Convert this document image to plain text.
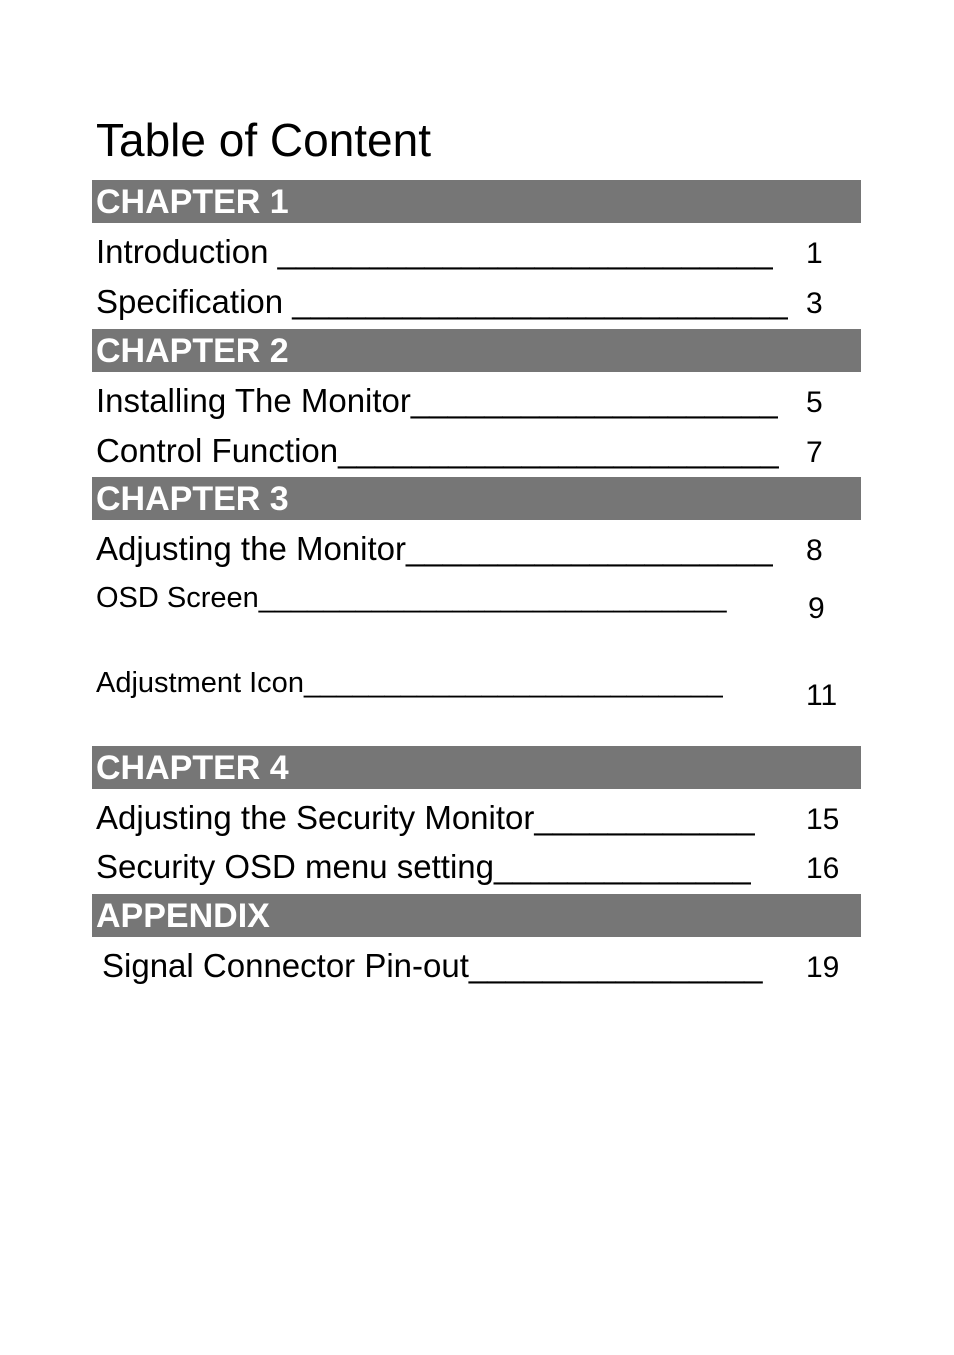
Table of Content
CHAPTER 1
Introduction ___________________________ 1
Specification ___________________________ 3
CHAPTER 2
Installing The Monitor____________________ 5
Control Function________________________ 7
CHAPTER 3
Adjusting the Monitor____________________ 8
OSD Screen_____________________________	9
Adjustment Icon__________________________	11
CHAPTER 4
Adjusting the Security Monitor____________ 15
Security OSD menu setting______________ 16
APPENDIX
Signal Connector Pin-out________________ 19
